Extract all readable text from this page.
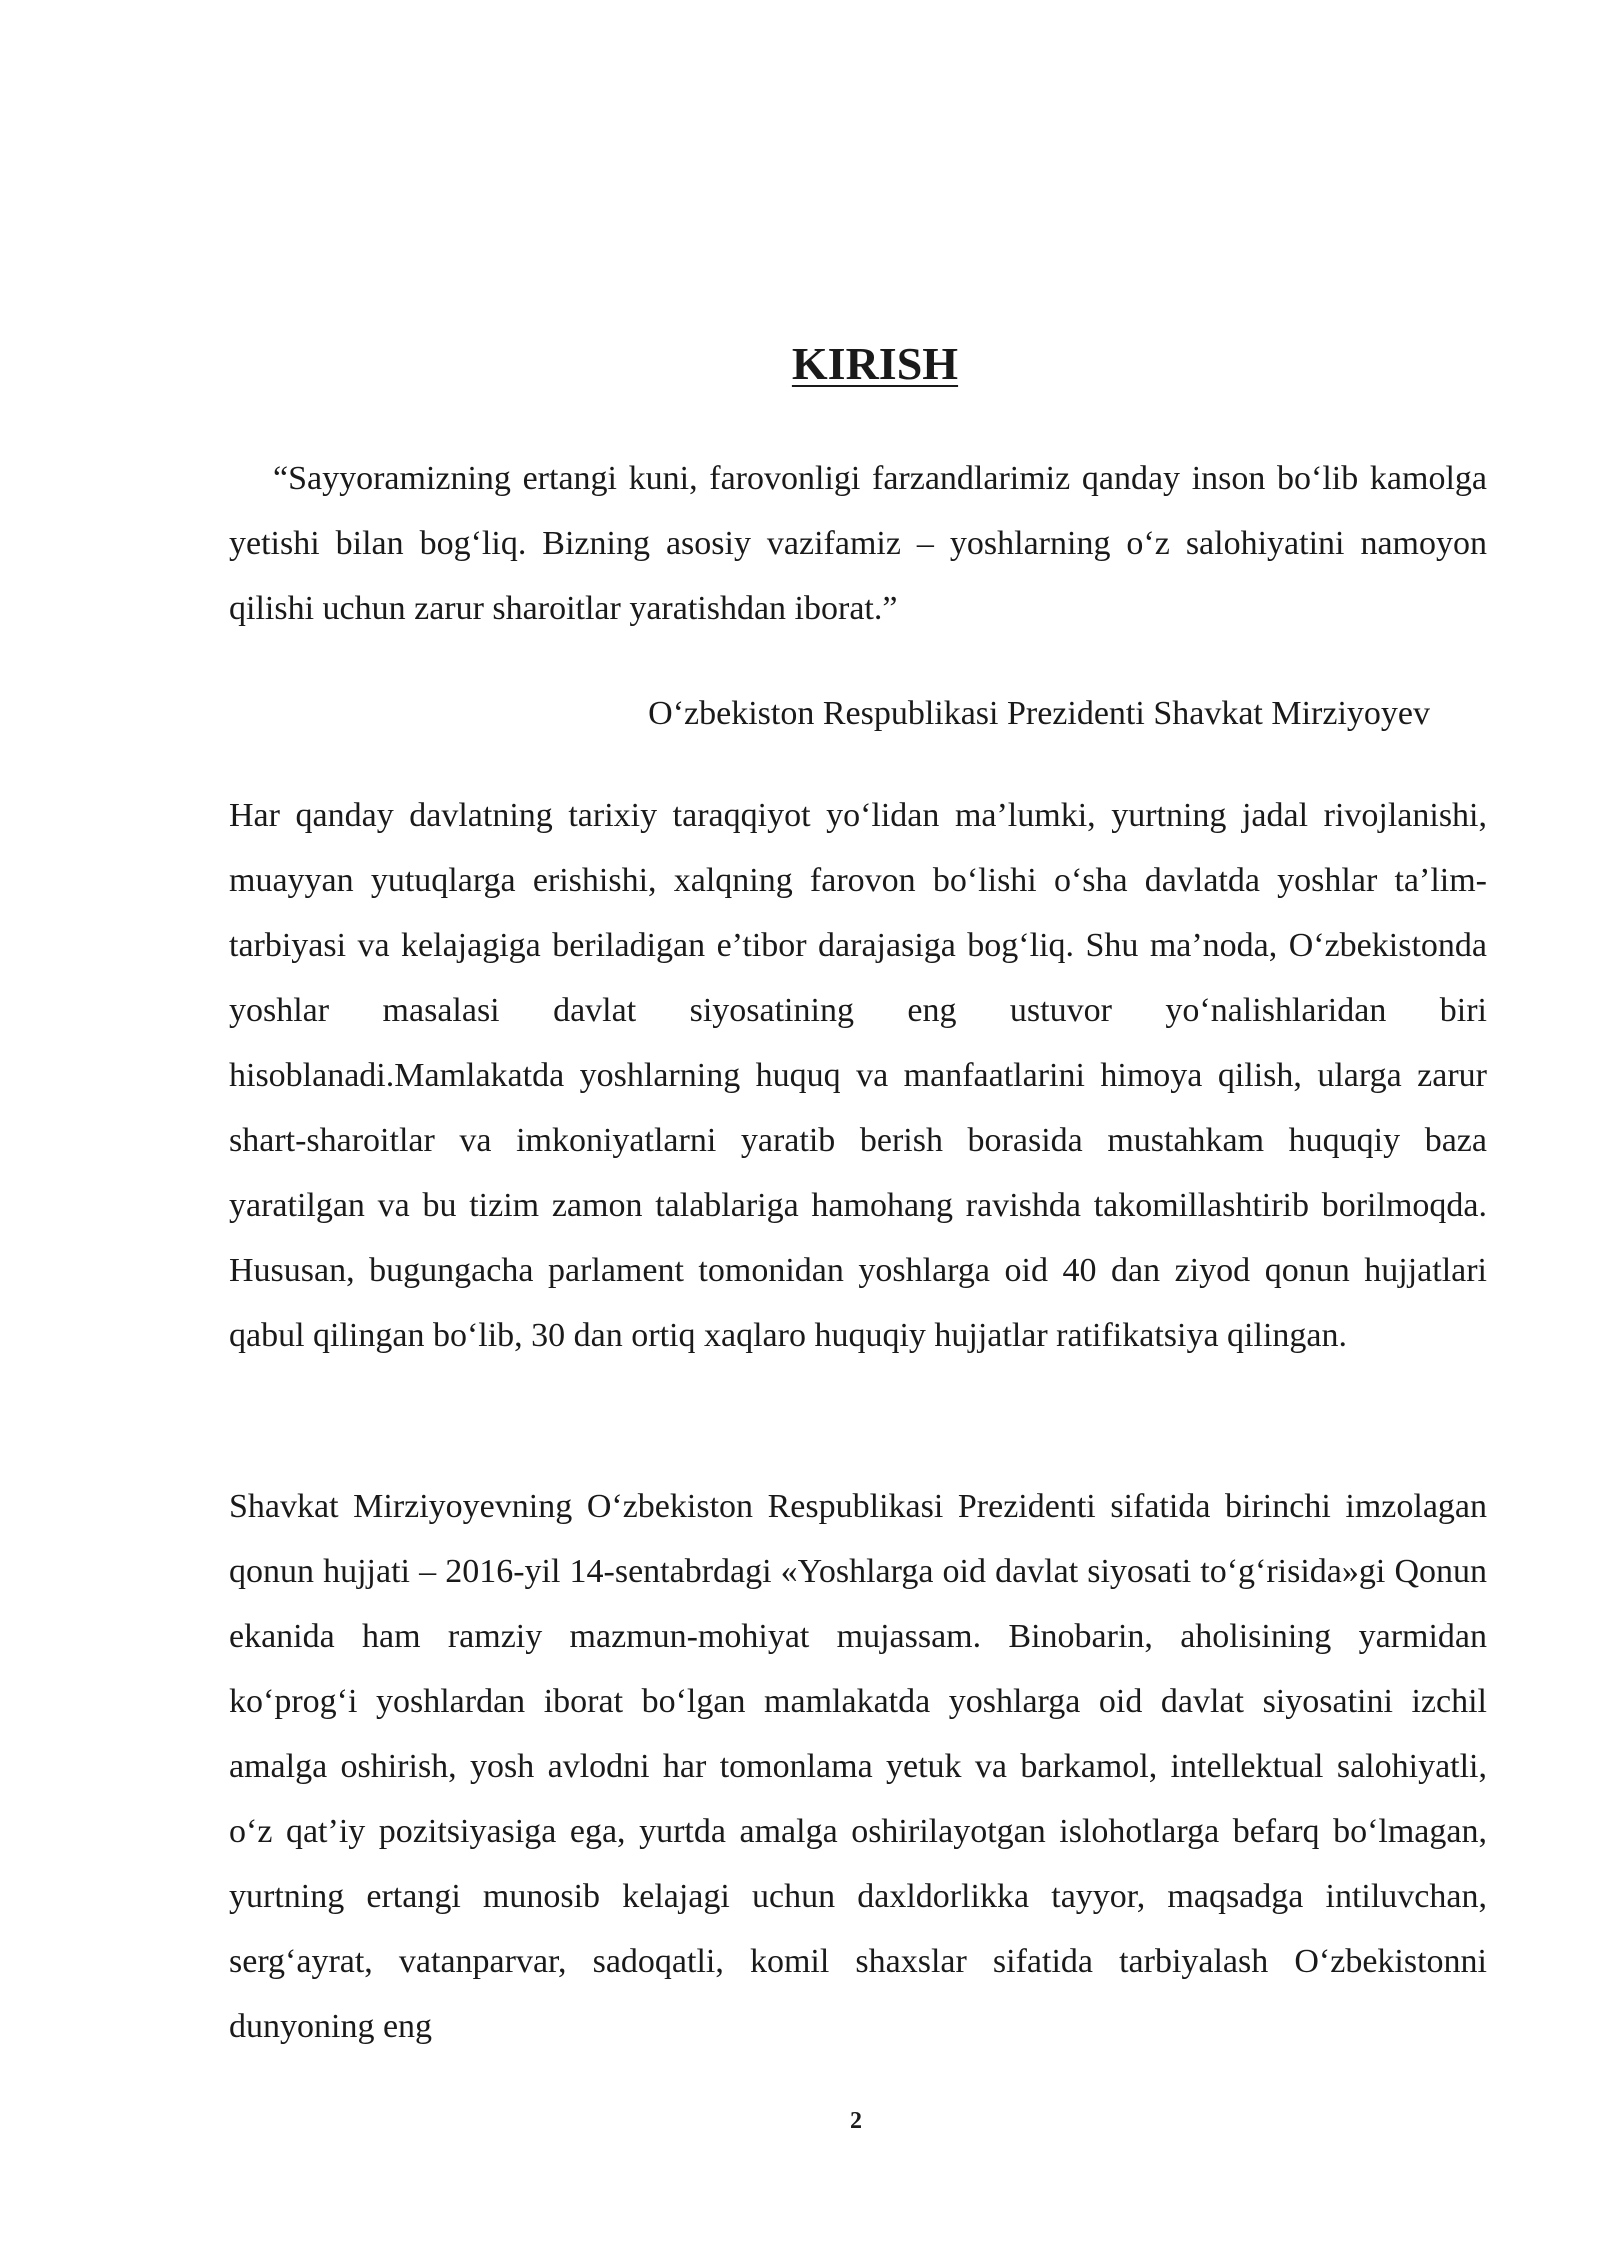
KIRISH

“Sayyoramizning ertangi kuni, farovonligi farzandlarimiz qanday inson bo‘lib kamolga yetishi bilan bog‘liq. Bizning asosiy vazifamiz – yoshlarning o‘z salohiyatini namoyon qilishi uchun zarur sharoitlar yaratishdan iborat.”

O‘zbekiston Respublikasi Prezidenti Shavkat Mirziyoyev

Har qanday davlatning tarixiy taraqqiyot yo‘lidan ma’lumki, yurtning jadal rivojlanishi, muayyan yutuqlarga erishishi, xalqning farovon bo‘lishi o‘sha davlatda yoshlar ta’lim-tarbiyasi va kelajagiga beriladigan e’tibor darajasiga bog‘liq. Shu ma’noda, O‘zbekistonda yoshlar masalasi davlat siyosatining eng ustuvor yo‘nalishlaridan biri hisoblanadi.Mamlakatda yoshlarning huquq va manfaatlarini himoya qilish, ularga zarur shart-sharoitlar va imkoniyatlarni yaratib berish borasida mustahkam huquqiy baza yaratilgan va bu tizim zamon talablariga hamohang ravishda takomillashtirib borilmoqda. Hususan, bugungacha parlament tomonidan yoshlarga oid 40 dan ziyod qonun hujjatlari qabul qilingan bo‘lib, 30 dan ortiq xaqlaro huquqiy hujjatlar ratifikatsiya qilingan.

Shavkat Mirziyoyevning O‘zbekiston Respublikasi Prezidenti sifatida birinchi imzolagan qonun hujjati – 2016-yil 14-sentabrdagi «Yoshlarga oid davlat siyosati to‘g‘risida»gi Qonun ekanida ham ramziy mazmun-mohiyat mujassam. Binobarin, aholisining yarmidan ko‘prog‘i yoshlardan iborat bo‘lgan mamlakatda yoshlarga oid davlat siyosatini izchil amalga oshirish, yosh avlodni har tomonlama yetuk va barkamol, intellektual salohiyatli, o‘z qat’iy pozitsiyasiga ega, yurtda amalga oshirilayotgan islohotlarga befarq bo‘lmagan, yurtning ertangi munosib kelajagi uchun daxldorlikka tayyor, maqsadga intiluvchan, serg‘ayrat, vatanparvar, sadoqatli, komil shaxslar sifatida tarbiyalash O‘zbekistonni dunyoning eng

2
